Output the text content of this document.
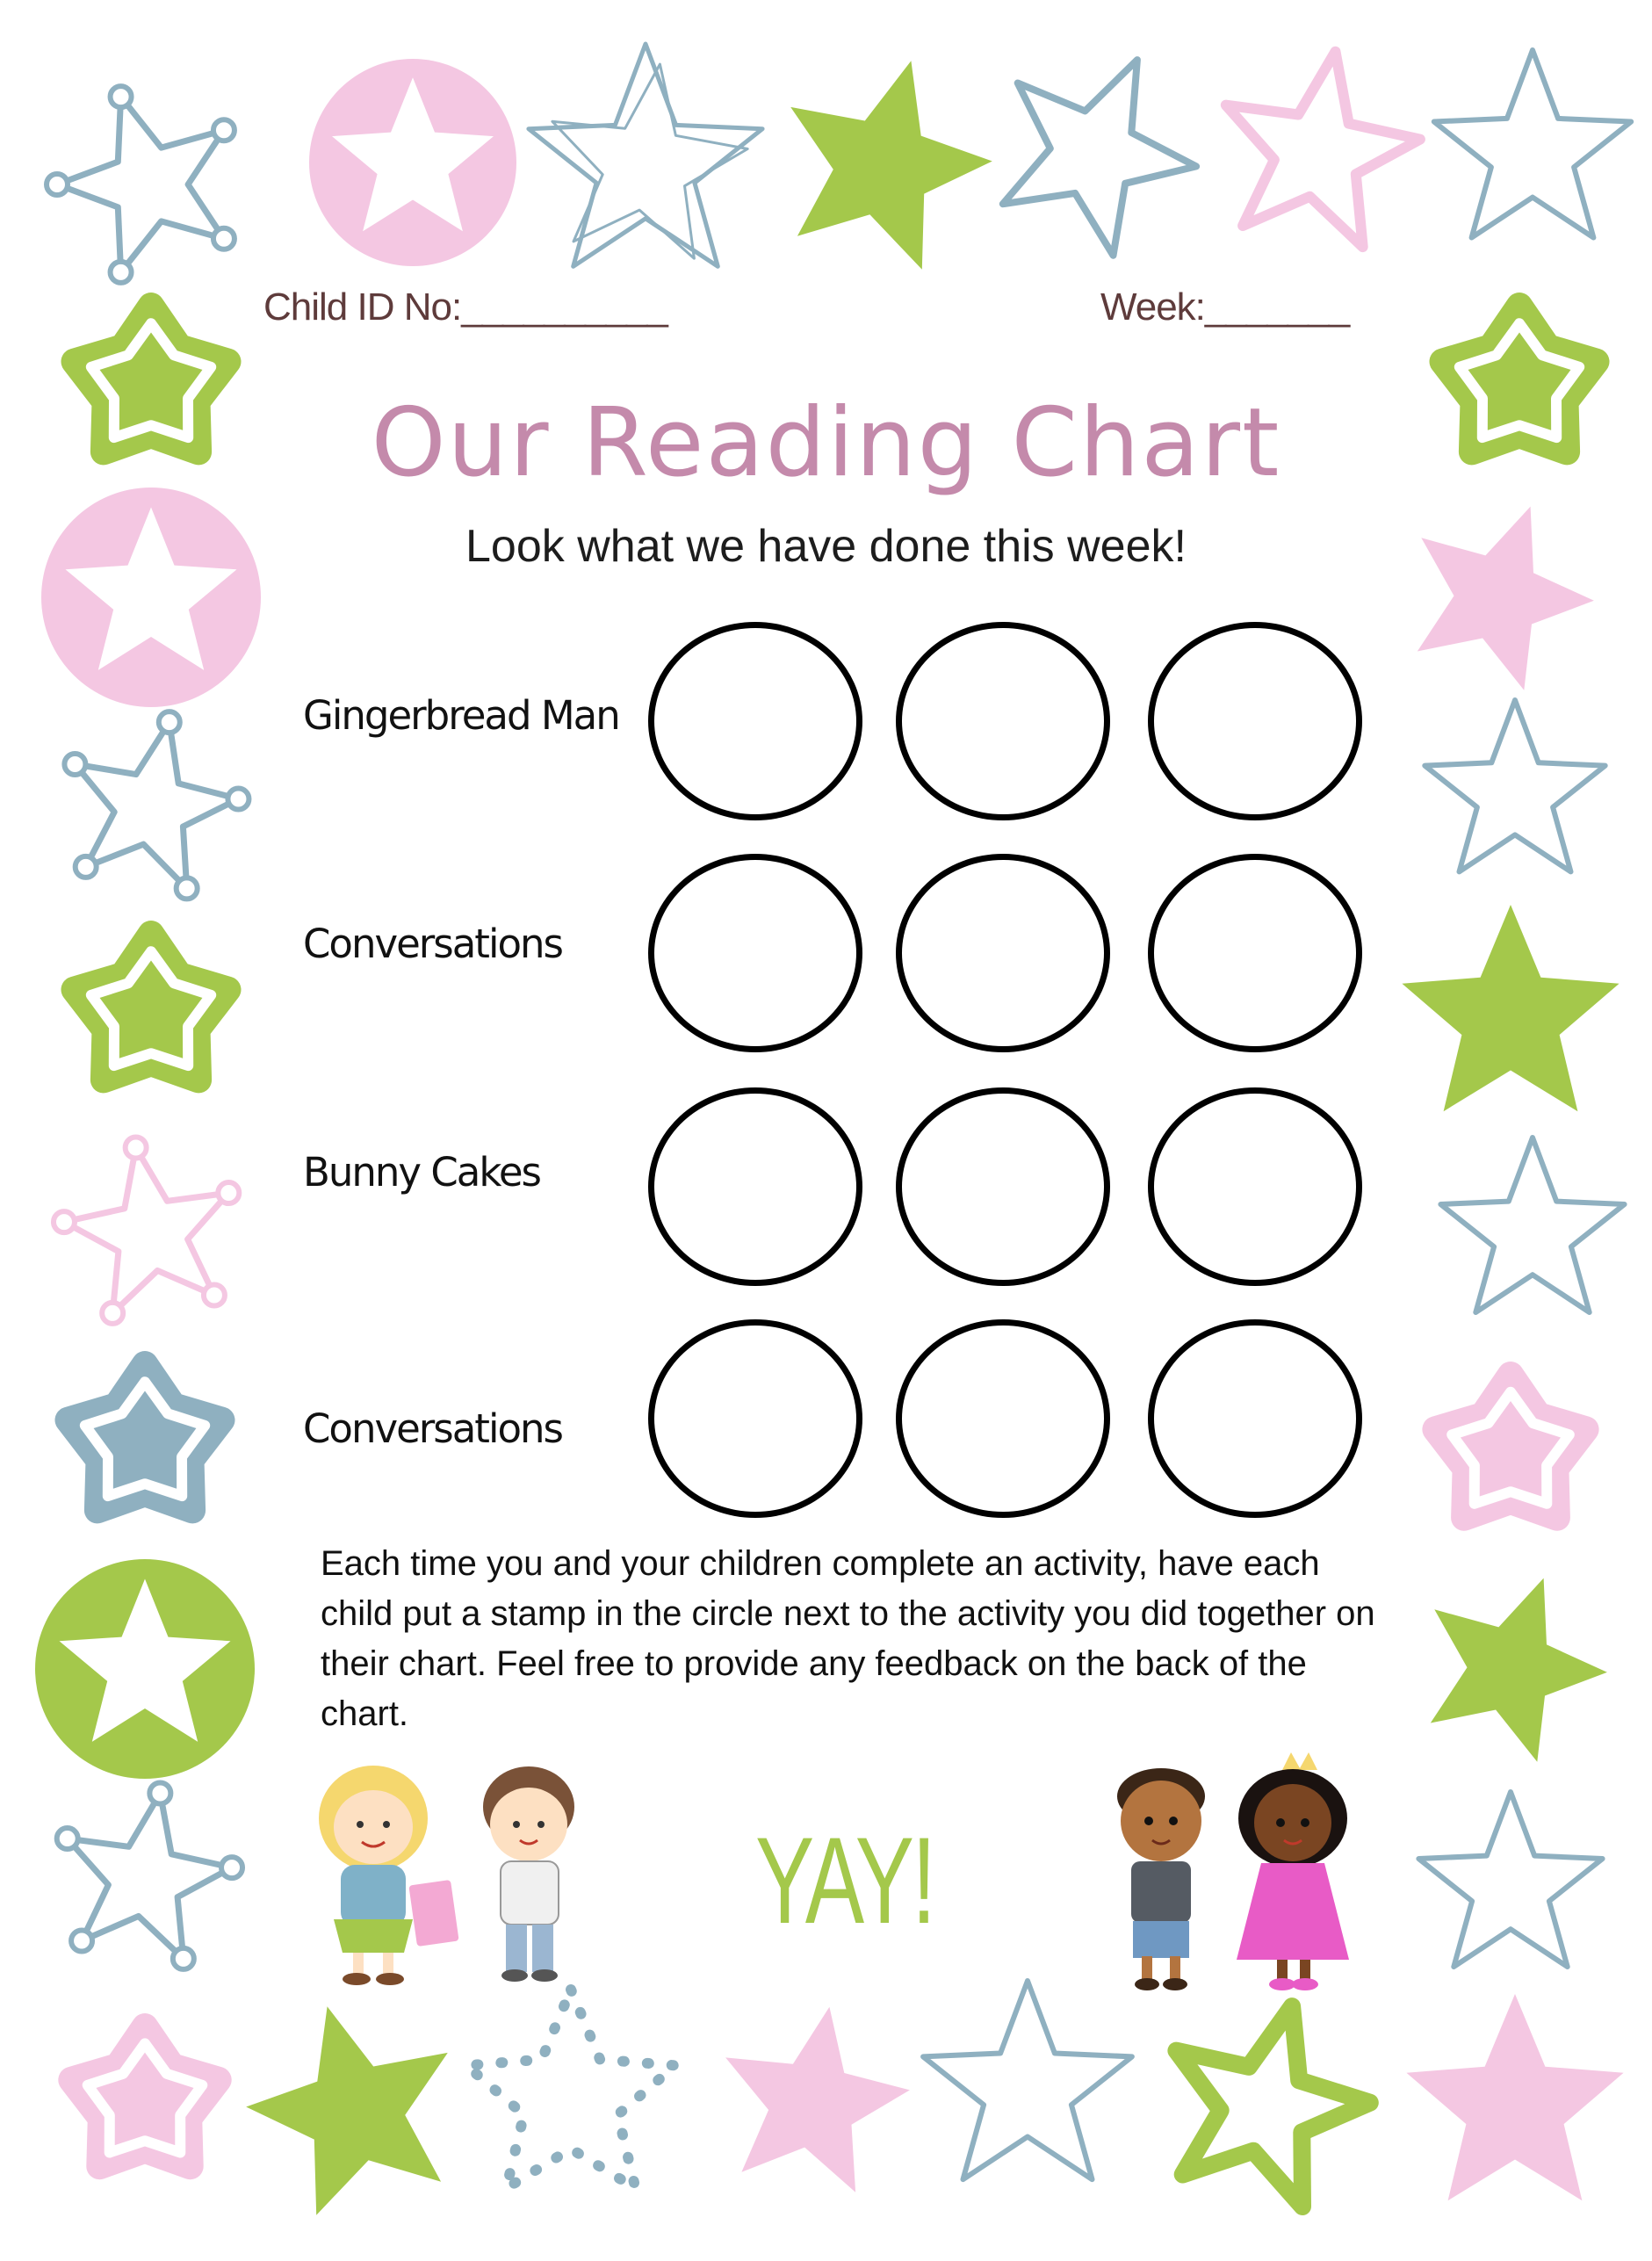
Child ID No:__________	Week:_______
Our Reading Chart
Look what we have done this week!
Gingerbread Man
Conversations
Bunny Cakes
Conversations
Each time you and your children complete an activity, have each child put a stamp in the circle next to the activity you did together on their chart. Feel free to provide any feedback on the back of the chart.
YAY!
